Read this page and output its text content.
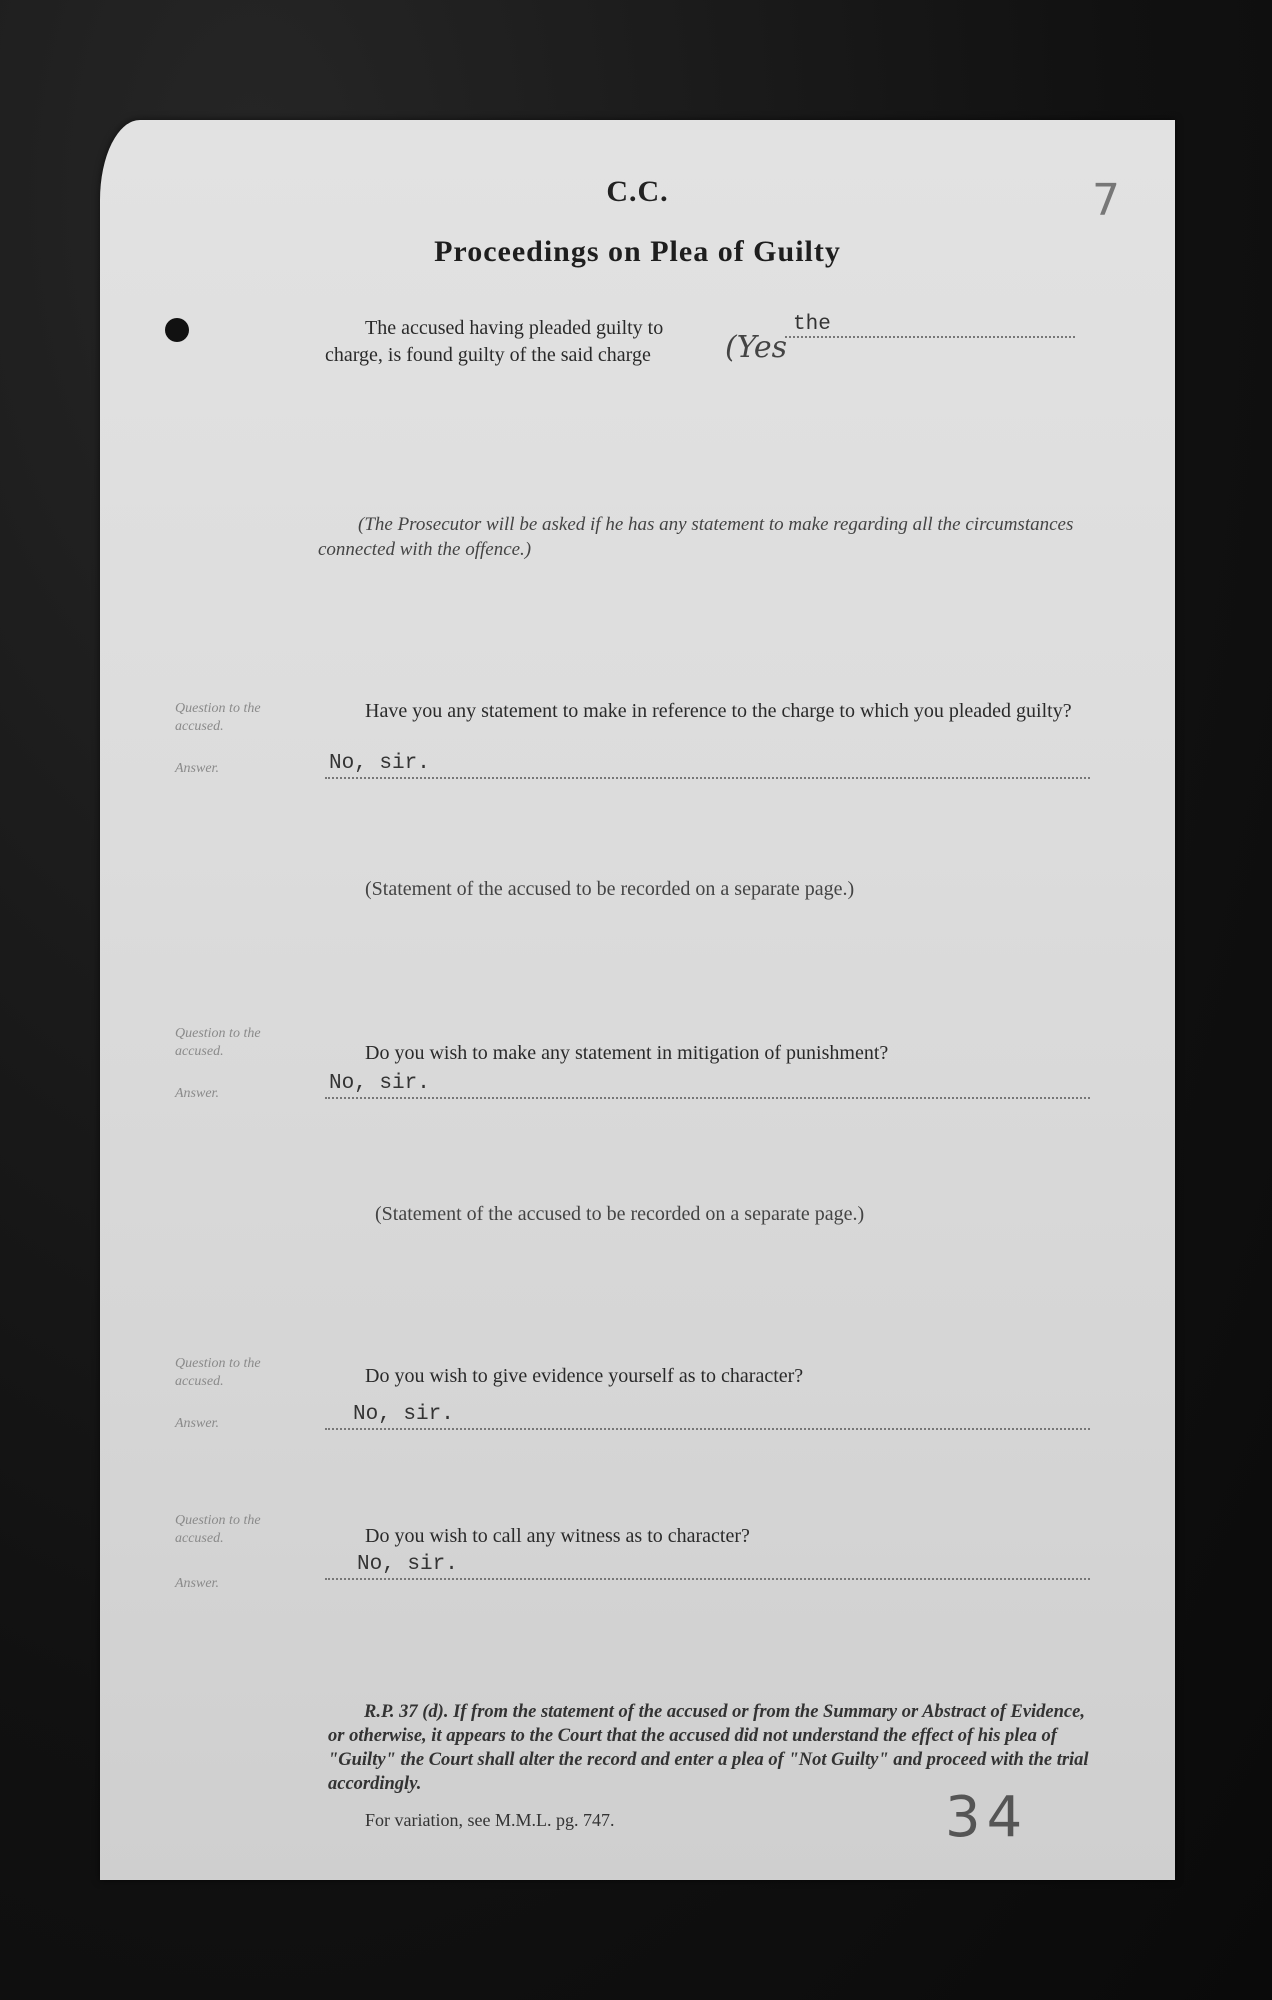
C.C.
Proceedings on Plea of Guilty
7
The accused having pleaded guilty to	the
charge, is found guilty of the said charge (Yes
(The Prosecutor will be asked if he has any statement to make regarding all the circumstances connected with the offence.)
Question to the accused.
Answer.
Have you any statement to make in reference to the charge to which you pleaded guilty?
No, sir.
(Statement of the accused to be recorded on a separate page.)
Question to the accused.
Answer.
Do you wish to make any statement in mitigation of punishment?
No, sir.
(Statement of the accused to be recorded on a separate page.)
Question to the accused.
Answer.
Do you wish to give evidence yourself as to character?
No, sir.
Question to the accused.
Answer.
Do you wish to call any witness as to character?
No, sir.
R.P. 37 (d). If from the statement of the accused or from the Summary or Abstract of Evidence, or otherwise, it appears to the Court that the accused did not understand the effect of his plea of "Guilty" the Court shall alter the record and enter a plea of "Not Guilty" and proceed with the trial accordingly.
For variation, see M.M.L. pg. 747.	34
